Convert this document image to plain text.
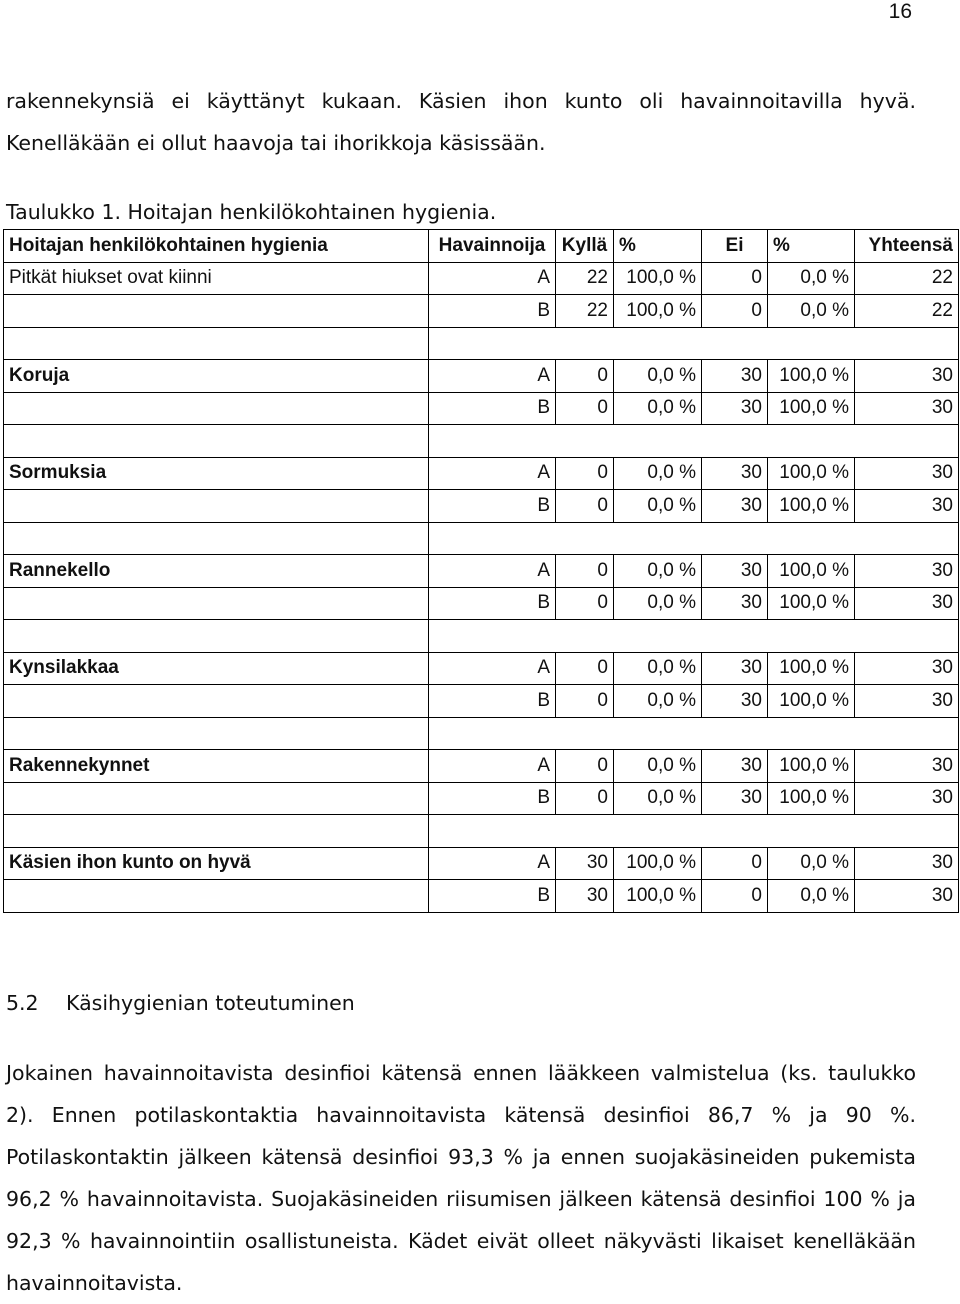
16

rakennekynsiä ei käyttänyt kukaan. Käsien ihon kunto oli havainnoitavilla hyvä.
Kenelläkään ei ollut haavoja tai ihorikkoja käsissään.

Taulukko 1. Hoitajan henkilökohtainen hygienia.
Hoitajan henkilökohtainen hygienia	Havainnoija	Kyllä	%	Ei	%	Yhteensä
Pitkät hiukset ovat kiinni	A	22	100,0 %	0	0,0 %	22
	B	22	100,0 %	0	0,0 %	22

Koruja	A	0	0,0 %	30	100,0 %	30
	B	0	0,0 %	30	100,0 %	30

Sormuksia	A	0	0,0 %	30	100,0 %	30
	B	0	0,0 %	30	100,0 %	30

Rannekello	A	0	0,0 %	30	100,0 %	30
	B	0	0,0 %	30	100,0 %	30

Kynsilakkaa	A	0	0,0 %	30	100,0 %	30
	B	0	0,0 %	30	100,0 %	30

Rakennekynnet	A	0	0,0 %	30	100,0 %	30
	B	0	0,0 %	30	100,0 %	30

Käsien ihon kunto on hyvä	A	30	100,0 %	0	0,0 %	30
	B	30	100,0 %	0	0,0 %	30
5.2 Käsihygienian toteutuminen

Jokainen havainnoitavista desinfioi kätensä ennen lääkkeen valmistelua (ks. taulukko
2). Ennen potilaskontaktia havainnoitavista kätensä desinfioi 86,7 % ja 90 %.
Potilaskontaktin jälkeen kätensä desinfioi 93,3 % ja ennen suojakäsineiden pukemista
96,2 % havainnoitavista. Suojakäsineiden riisumisen jälkeen kätensä desinfioi 100 % ja
92,3 % havainnointiin osallistuneista. Kädet eivät olleet näkyvästi likaiset kenelläkään
havainnoitavista.
